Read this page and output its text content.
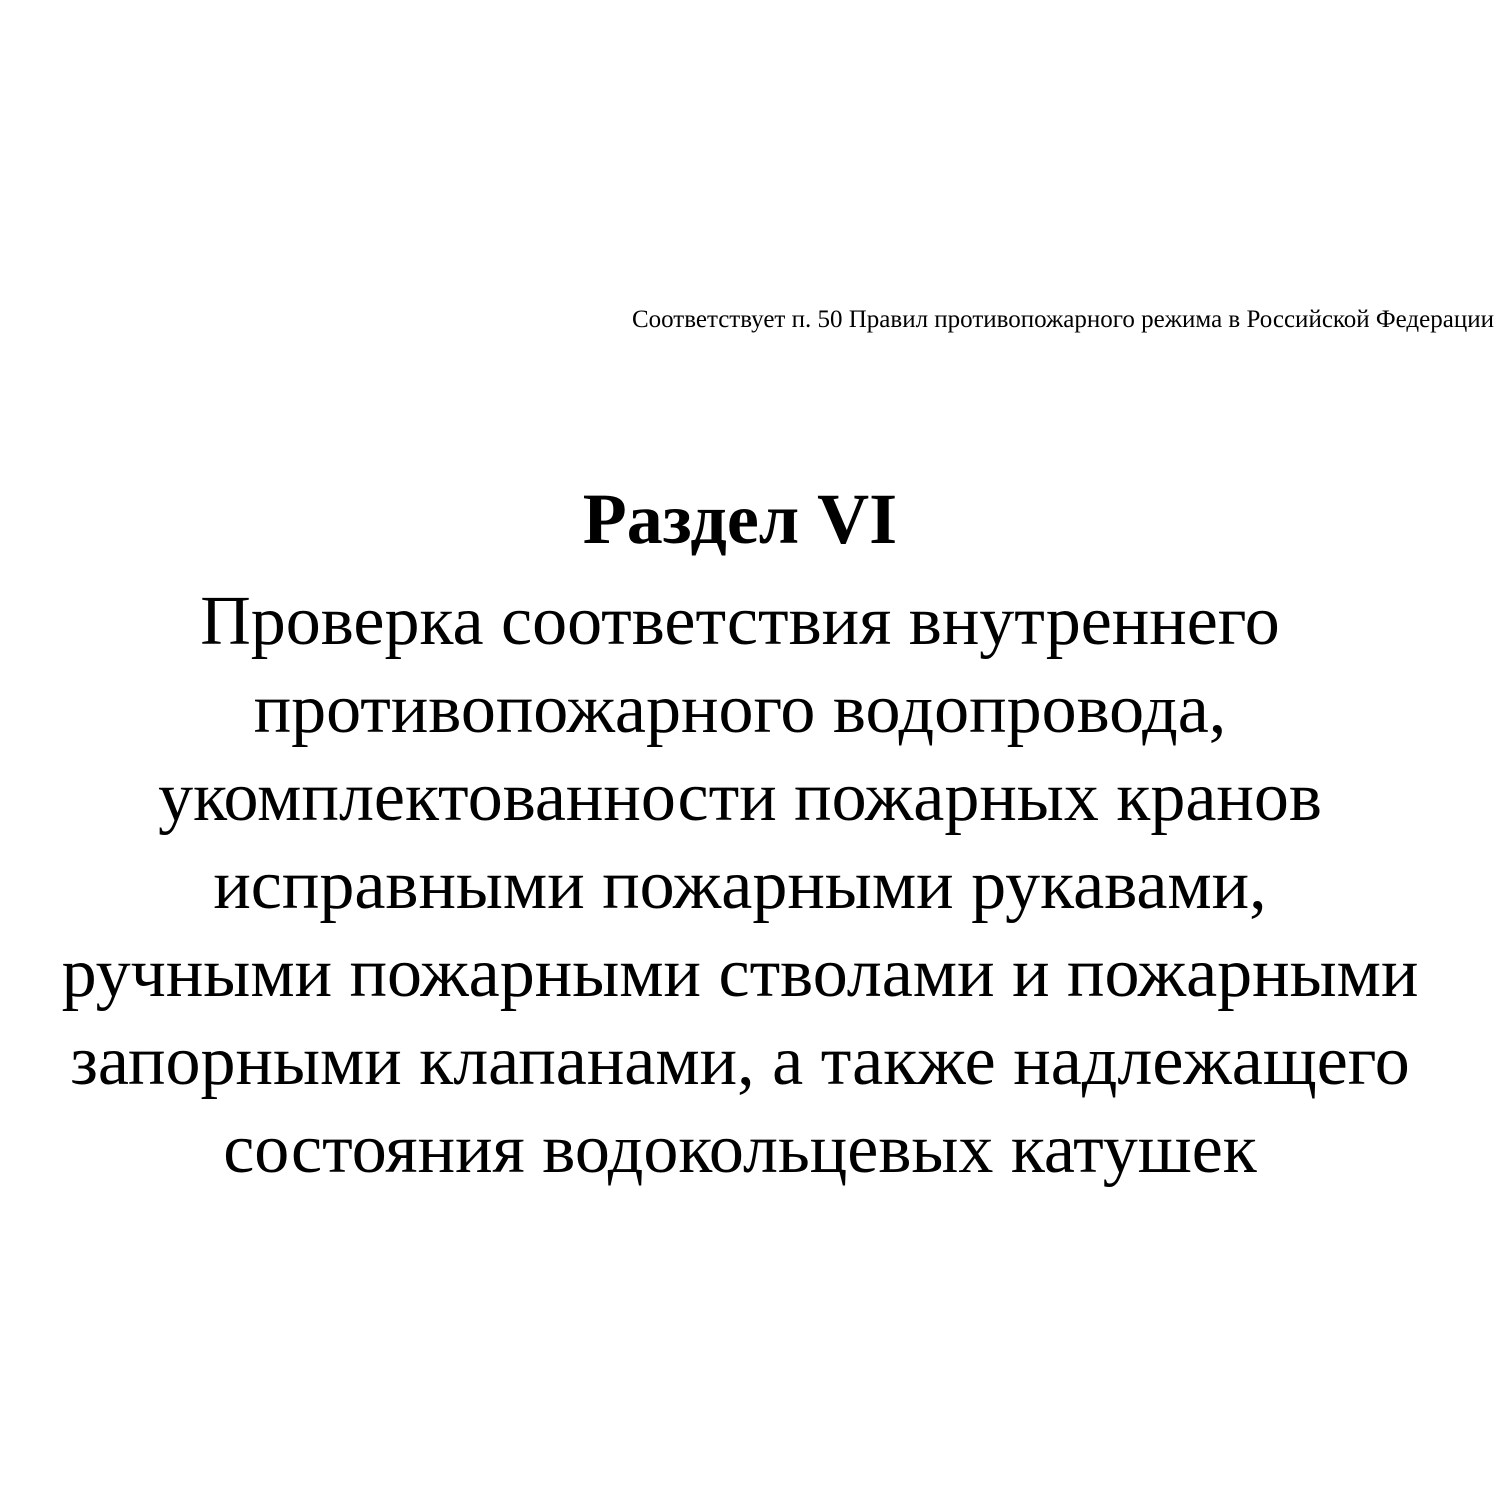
Соответствует п. 50 Правил противопожарного режима в Российской Федерации
Раздел VI
Проверка соответствия внутреннего
противопожарного водопровода,
укомплектованности пожарных кранов
исправными пожарными рукавами,
ручными пожарными стволами и пожарными
запорными клапанами, а также надлежащего
состояния водокольцевых катушек
